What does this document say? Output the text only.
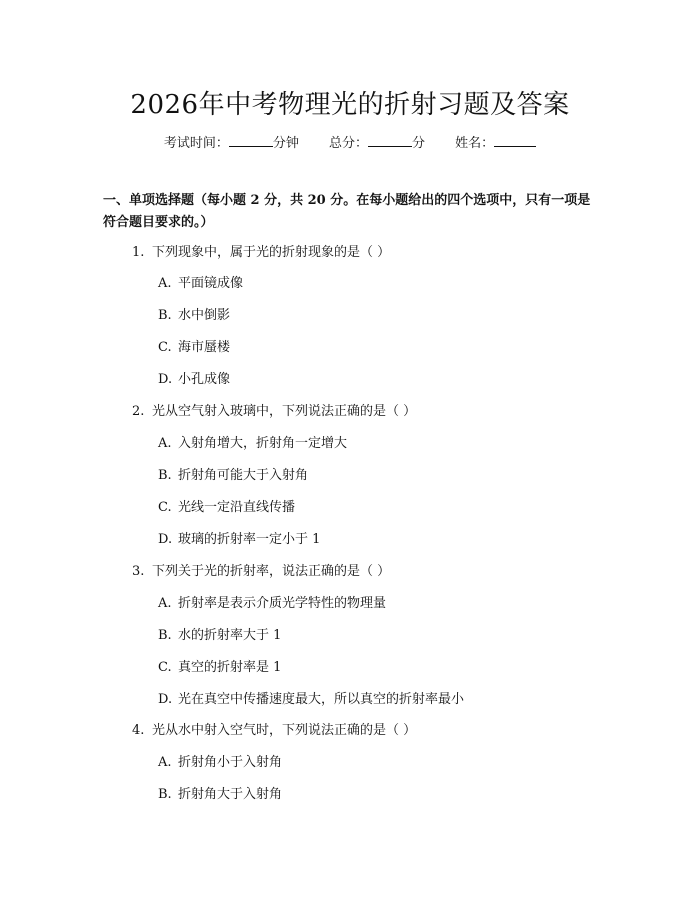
2026年中考物理光的折射习题及答案
考试时间：	分钟 总分：	分 姓名：
一、单项选择题（每小题 2 分，共 20 分。在每小题给出的四个选项中，只有一项是符合题目要求的。）
1. 下列现象中，属于光的折射现象的是（ ）
A. 平面镜成像
B. 水中倒影
C. 海市蜃楼
D. 小孔成像
2. 光从空气射入玻璃中，下列说法正确的是（ ）
A. 入射角增大，折射角一定增大
B. 折射角可能大于入射角
C. 光线一定沿直线传播
D. 玻璃的折射率一定小于 1
3. 下列关于光的折射率，说法正确的是（ ）
A. 折射率是表示介质光学特性的物理量
B. 水的折射率大于 1
C. 真空的折射率是 1
D. 光在真空中传播速度最大，所以真空的折射率最小
4. 光从水中射入空气时，下列说法正确的是（ ）
A. 折射角小于入射角
B. 折射角大于入射角
